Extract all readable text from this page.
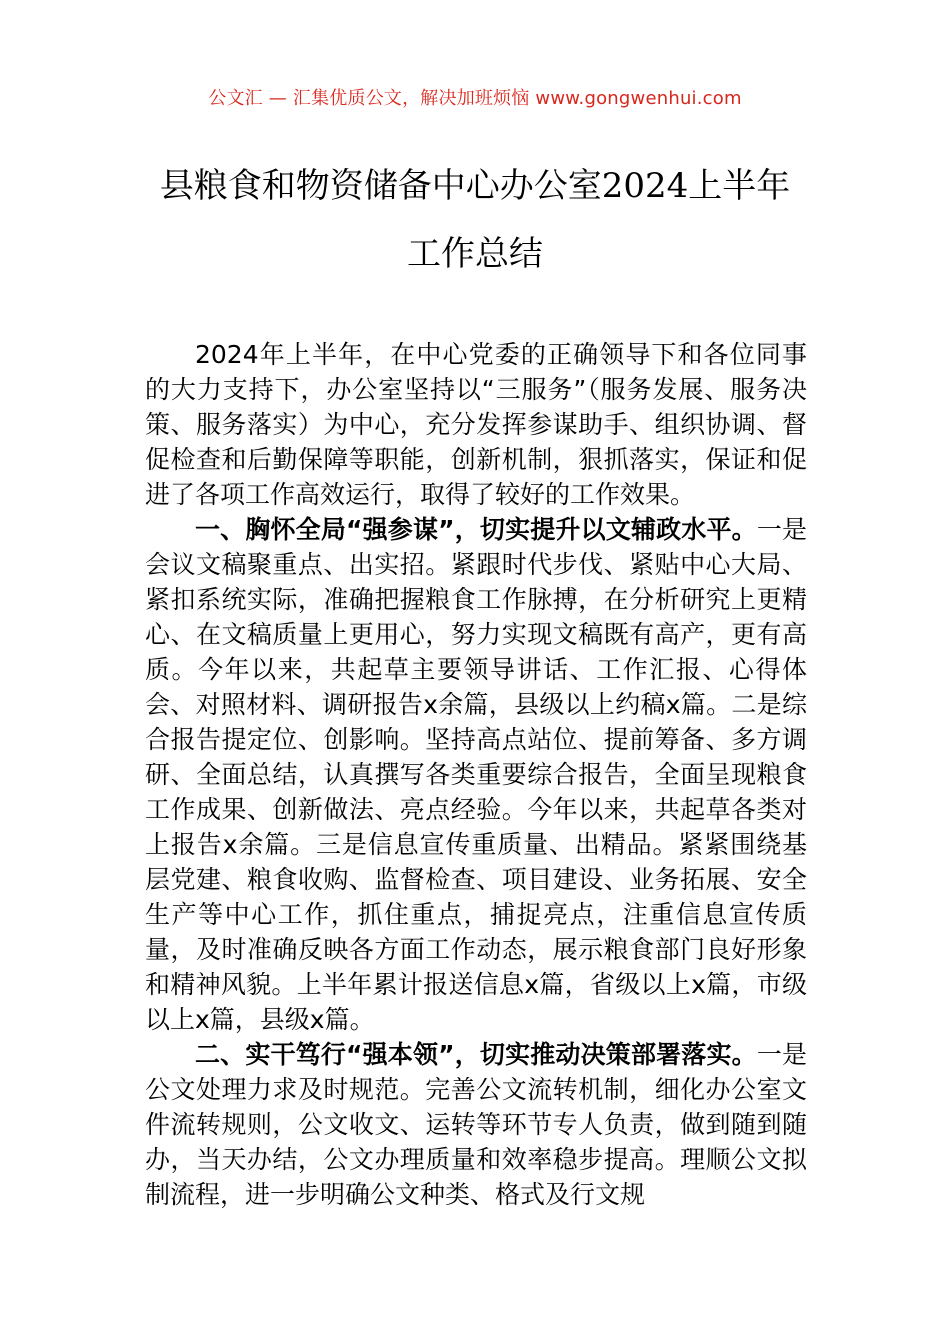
公文汇 — 汇集优质公文，解决加班烦恼 www.gongwenhui.com
县粮食和物资储备中心办公室2024上半年工作总结

2024年上半年，在中心党委的正确领导下和各位同事的大力支持下，办公室坚持以“三服务”（服务发展、服务决策、服务落实）为中心，充分发挥参谋助手、组织协调、督促检查和后勤保障等职能，创新机制，狠抓落实，保证和促进了各项工作高效运行，取得了较好的工作效果。

一、胸怀全局“强参谋”，切实提升以文辅政水平。一是会议文稿聚重点、出实招。紧跟时代步伐、紧贴中心大局、紧扣系统实际，准确把握粮食工作脉搏，在分析研究上更精心、在文稿质量上更用心，努力实现文稿既有高产，更有高质。今年以来，共起草主要领导讲话、工作汇报、心得体会、对照材料、调研报告x余篇，县级以上约稿x篇。二是综合报告提定位、创影响。坚持高点站位、提前筹备、多方调研、全面总结，认真撰写各类重要综合报告，全面呈现粮食工作成果、创新做法、亮点经验。今年以来，共起草各类对上报告x余篇。三是信息宣传重质量、出精品。紧紧围绕基层党建、粮食收购、监督检查、项目建设、业务拓展、安全生产等中心工作，抓住重点，捕捉亮点，注重信息宣传质量，及时准确反映各方面工作动态，展示粮食部门良好形象和精神风貌。上半年累计报送信息x篇，省级以上x篇，市级以上x篇，县级x篇。

二、实干笃行“强本领”，切实推动决策部署落实。一是公文处理力求及时规范。完善公文流转机制，细化办公室文件流转规则，公文收文、运转等环节专人负责，做到随到随办，当天办结，公文办理质量和效率稳步提高。理顺公文拟制流程，进一步明确公文种类、格式及行文规
